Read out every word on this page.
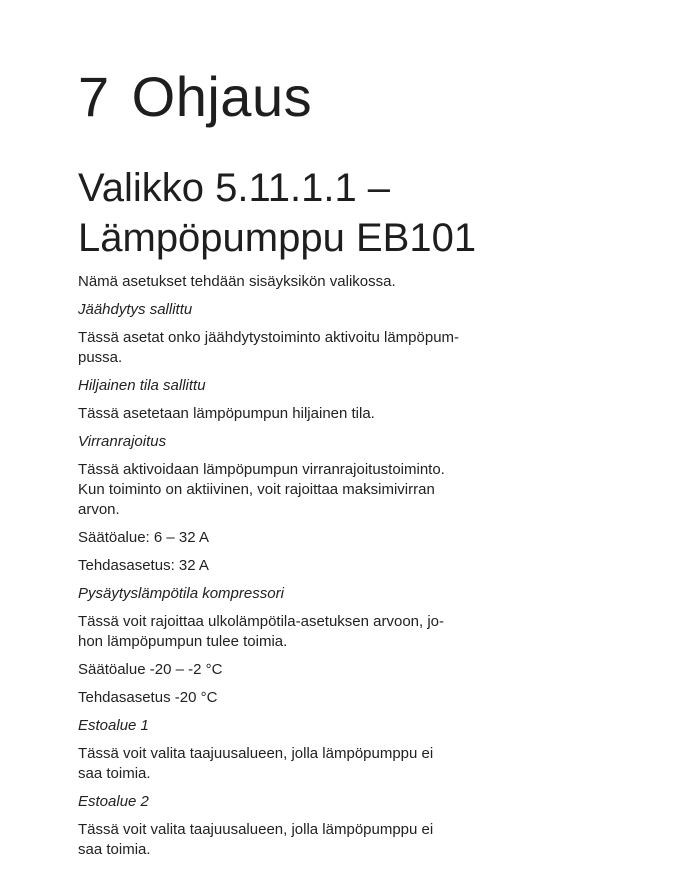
7 Ohjaus
Valikko 5.11.1.1 –
Lämpöpumppu EB101

Nämä asetukset tehdään sisäyksikön valikossa.

Jäähdytys sallittu

Tässä asetat onko jäähdytystoiminto aktivoitu lämpöpum-
pussa.

Hiljainen tila sallittu

Tässä asetetaan lämpöpumpun hiljainen tila.

Virranrajoitus

Tässä aktivoidaan lämpöpumpun virranrajoitustoiminto.
Kun toiminto on aktiivinen, voit rajoittaa maksimivirran
arvon.

Säätöalue: 6 – 32 A

Tehdasasetus: 32 A

Pysäytyslämpötila kompressori

Tässä voit rajoittaa ulkolämpötila-asetuksen arvoon, jo-
hon lämpöpumpun tulee toimia.

Säätöalue -20 – -2 °C

Tehdasasetus -20 °C

Estoalue 1

Tässä voit valita taajuusalueen, jolla lämpöpumppu ei
saa toimia.

Estoalue 2

Tässä voit valita taajuusalueen, jolla lämpöpumppu ei
saa toimia.
